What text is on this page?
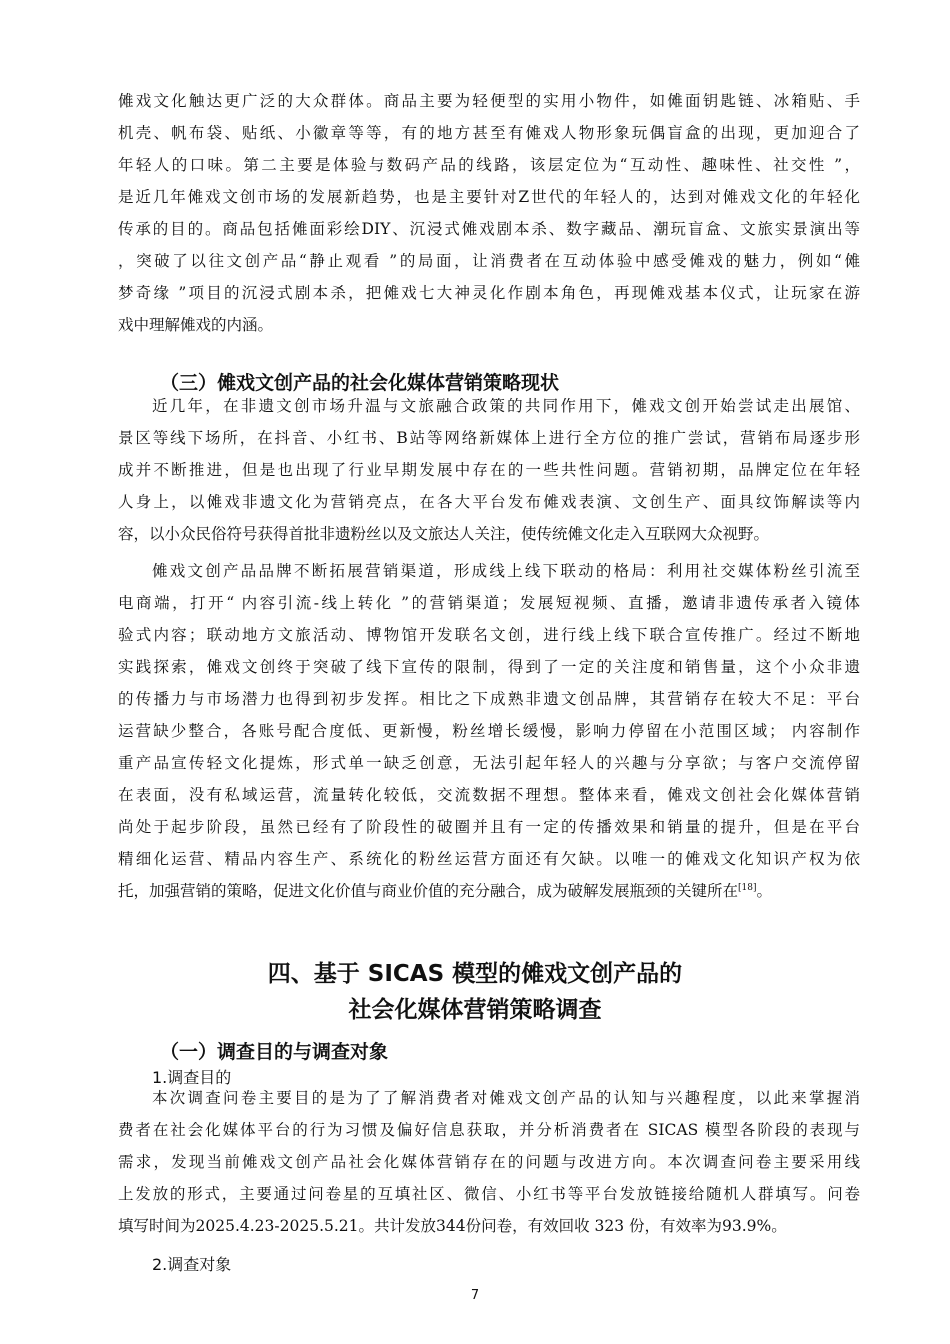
傩戏文化触达更广泛的大众群体。商品主要为轻便型的实用小物件，如傩面钥匙链、冰箱贴、手
机壳、帆布袋、贴纸、小徽章等等，有的地方甚至有傩戏人物形象玩偶盲盒的出现，更加迎合了
年轻人的口味。第二主要是体验与数码产品的线路，该层定位为“互动性、趣味性、社交性 ”，
是近几年傩戏文创市场的发展新趋势，也是主要针对Z世代的年轻人的，达到对傩戏文化的年轻化
传承的目的。商品包括傩面彩绘DIY、沉浸式傩戏剧本杀、数字藏品、潮玩盲盒、文旅实景演出等
，突破了以往文创产品“静止观看 ”的局面，让消费者在互动体验中感受傩戏的魅力，例如“傩
梦奇缘 ”项目的沉浸式剧本杀，把傩戏七大神灵化作剧本角色，再现傩戏基本仪式，让玩家在游
戏中理解傩戏的内涵。
（三）傩戏文创产品的社会化媒体营销策略现状
近几年，在非遗文创市场升温与文旅融合政策的共同作用下，傩戏文创开始尝试走出展馆、
景区等线下场所，在抖音、小红书、B站等网络新媒体上进行全方位的推广尝试，营销布局逐步形
成并不断推进，但是也出现了行业早期发展中存在的一些共性问题。营销初期，品牌定位在年轻
人身上，以傩戏非遗文化为营销亮点，在各大平台发布傩戏表演、文创生产、面具纹饰解读等内
容，以小众民俗符号获得首批非遗粉丝以及文旅达人关注，使传统傩文化走入互联网大众视野。
傩戏文创产品品牌不断拓展营销渠道，形成线上线下联动的格局：利用社交媒体粉丝引流至
电商端，打开“ 内容引流-线上转化 ”的营销渠道；发展短视频、直播，邀请非遗传承者入镜体
验式内容；联动地方文旅活动、博物馆开发联名文创，进行线上线下联合宣传推广。经过不断地
实践探索，傩戏文创终于突破了线下宣传的限制，得到了一定的关注度和销售量，这个小众非遗
的传播力与市场潜力也得到初步发挥。相比之下成熟非遗文创品牌，其营销存在较大不足：平台
运营缺少整合，各账号配合度低、更新慢，粉丝增长缓慢，影响力停留在小范围区域； 内容制作
重产品宣传轻文化提炼，形式单一缺乏创意，无法引起年轻人的兴趣与分享欲；与客户交流停留
在表面，没有私域运营，流量转化较低，交流数据不理想。整体来看，傩戏文创社会化媒体营销
尚处于起步阶段，虽然已经有了阶段性的破圈并且有一定的传播效果和销量的提升，但是在平台
精细化运营、精品内容生产、系统化的粉丝运营方面还有欠缺。以唯一的傩戏文化知识产权为依
托，加强营销的策略，促进文化价值与商业价值的充分融合，成为破解发展瓶颈的关键所在[18]。
四、基于 SICAS 模型的傩戏文创产品的
社会化媒体营销策略调查
（一）调查目的与调查对象
1.调查目的
本次调查问卷主要目的是为了了解消费者对傩戏文创产品的认知与兴趣程度，以此来掌握消
费者在社会化媒体平台的行为习惯及偏好信息获取，并分析消费者在 SICAS 模型各阶段的表现与
需求，发现当前傩戏文创产品社会化媒体营销存在的问题与改进方向。本次调查问卷主要采用线
上发放的形式，主要通过问卷星的互填社区、微信、小红书等平台发放链接给随机人群填写。问卷
填写时间为2025.4.23-2025.5.21。共计发放344份问卷，有效回收 323 份，有效率为93.9%。
2.调查对象
7
